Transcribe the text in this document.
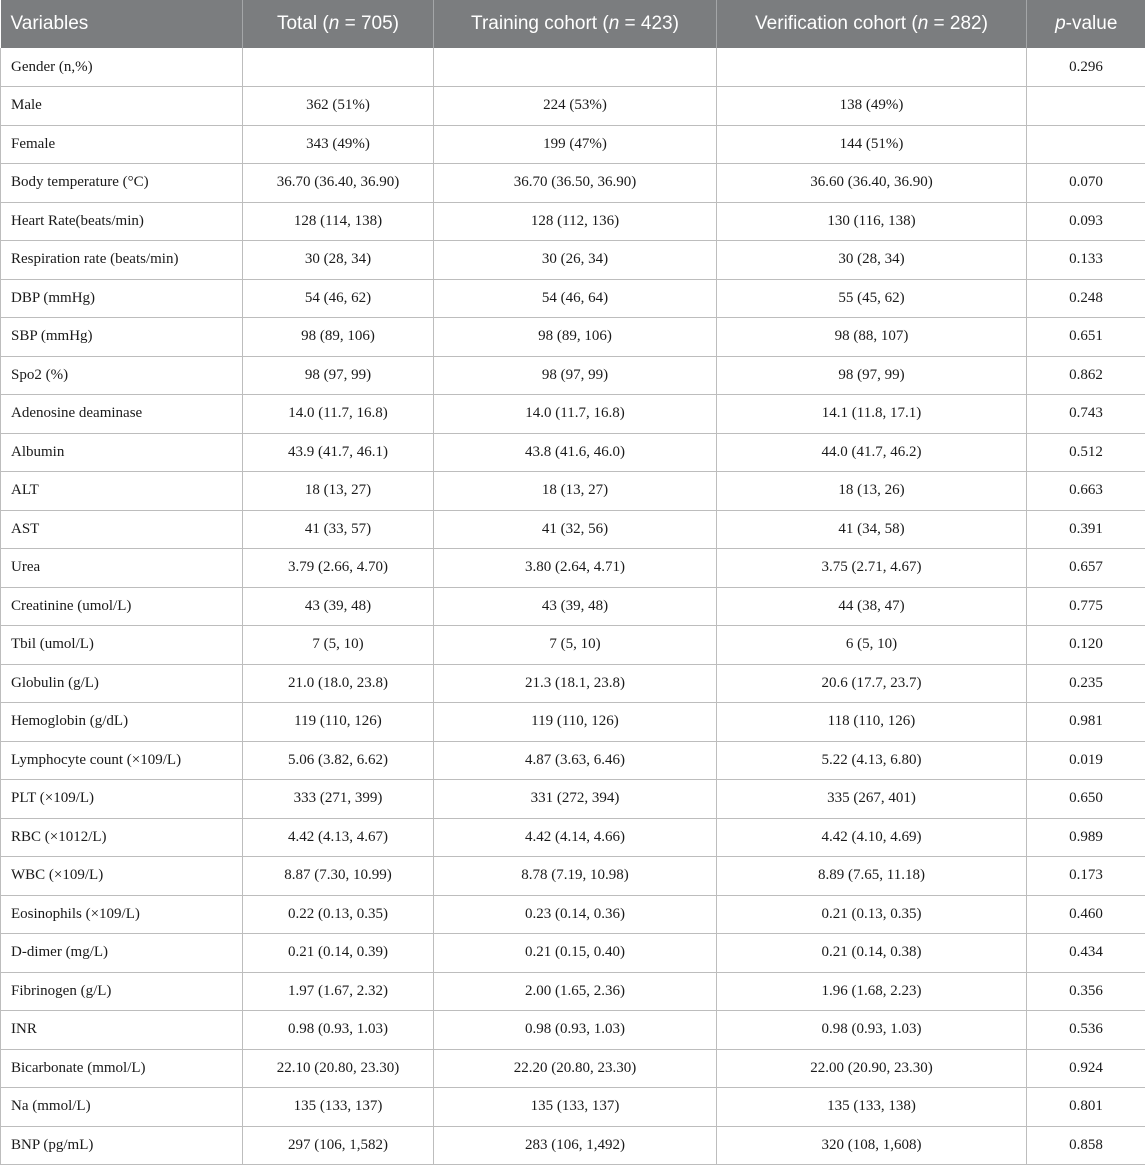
Variables	Total (n = 705)	Training cohort (n = 423)	Verification cohort (n = 282)	p-value
Gender (n,%)				0.296
Male	362 (51%)	224 (53%)	138 (49%)	
Female	343 (49%)	199 (47%)	144 (51%)	
Body temperature (°C)	36.70 (36.40, 36.90)	36.70 (36.50, 36.90)	36.60 (36.40, 36.90)	0.070
Heart Rate(beats/min)	128 (114, 138)	128 (112, 136)	130 (116, 138)	0.093
Respiration rate (beats/min)	30 (28, 34)	30 (26, 34)	30 (28, 34)	0.133
DBP (mmHg)	54 (46, 62)	54 (46, 64)	55 (45, 62)	0.248
SBP (mmHg)	98 (89, 106)	98 (89, 106)	98 (88, 107)	0.651
Spo2 (%)	98 (97, 99)	98 (97, 99)	98 (97, 99)	0.862
Adenosine deaminase	14.0 (11.7, 16.8)	14.0 (11.7, 16.8)	14.1 (11.8, 17.1)	0.743
Albumin	43.9 (41.7, 46.1)	43.8 (41.6, 46.0)	44.0 (41.7, 46.2)	0.512
ALT	18 (13, 27)	18 (13, 27)	18 (13, 26)	0.663
AST	41 (33, 57)	41 (32, 56)	41 (34, 58)	0.391
Urea	3.79 (2.66, 4.70)	3.80 (2.64, 4.71)	3.75 (2.71, 4.67)	0.657
Creatinine (umol/L)	43 (39, 48)	43 (39, 48)	44 (38, 47)	0.775
Tbil (umol/L)	7 (5, 10)	7 (5, 10)	6 (5, 10)	0.120
Globulin (g/L)	21.0 (18.0, 23.8)	21.3 (18.1, 23.8)	20.6 (17.7, 23.7)	0.235
Hemoglobin (g/dL)	119 (110, 126)	119 (110, 126)	118 (110, 126)	0.981
Lymphocyte count (×109/L)	5.06 (3.82, 6.62)	4.87 (3.63, 6.46)	5.22 (4.13, 6.80)	0.019
PLT (×109/L)	333 (271, 399)	331 (272, 394)	335 (267, 401)	0.650
RBC (×1012/L)	4.42 (4.13, 4.67)	4.42 (4.14, 4.66)	4.42 (4.10, 4.69)	0.989
WBC (×109/L)	8.87 (7.30, 10.99)	8.78 (7.19, 10.98)	8.89 (7.65, 11.18)	0.173
Eosinophils (×109/L)	0.22 (0.13, 0.35)	0.23 (0.14, 0.36)	0.21 (0.13, 0.35)	0.460
D-dimer (mg/L)	0.21 (0.14, 0.39)	0.21 (0.15, 0.40)	0.21 (0.14, 0.38)	0.434
Fibrinogen (g/L)	1.97 (1.67, 2.32)	2.00 (1.65, 2.36)	1.96 (1.68, 2.23)	0.356
INR	0.98 (0.93, 1.03)	0.98 (0.93, 1.03)	0.98 (0.93, 1.03)	0.536
Bicarbonate (mmol/L)	22.10 (20.80, 23.30)	22.20 (20.80, 23.30)	22.00 (20.90, 23.30)	0.924
Na (mmol/L)	135 (133, 137)	135 (133, 137)	135 (133, 138)	0.801
BNP (pg/mL)	297 (106, 1,582)	283 (106, 1,492)	320 (108, 1,608)	0.858
